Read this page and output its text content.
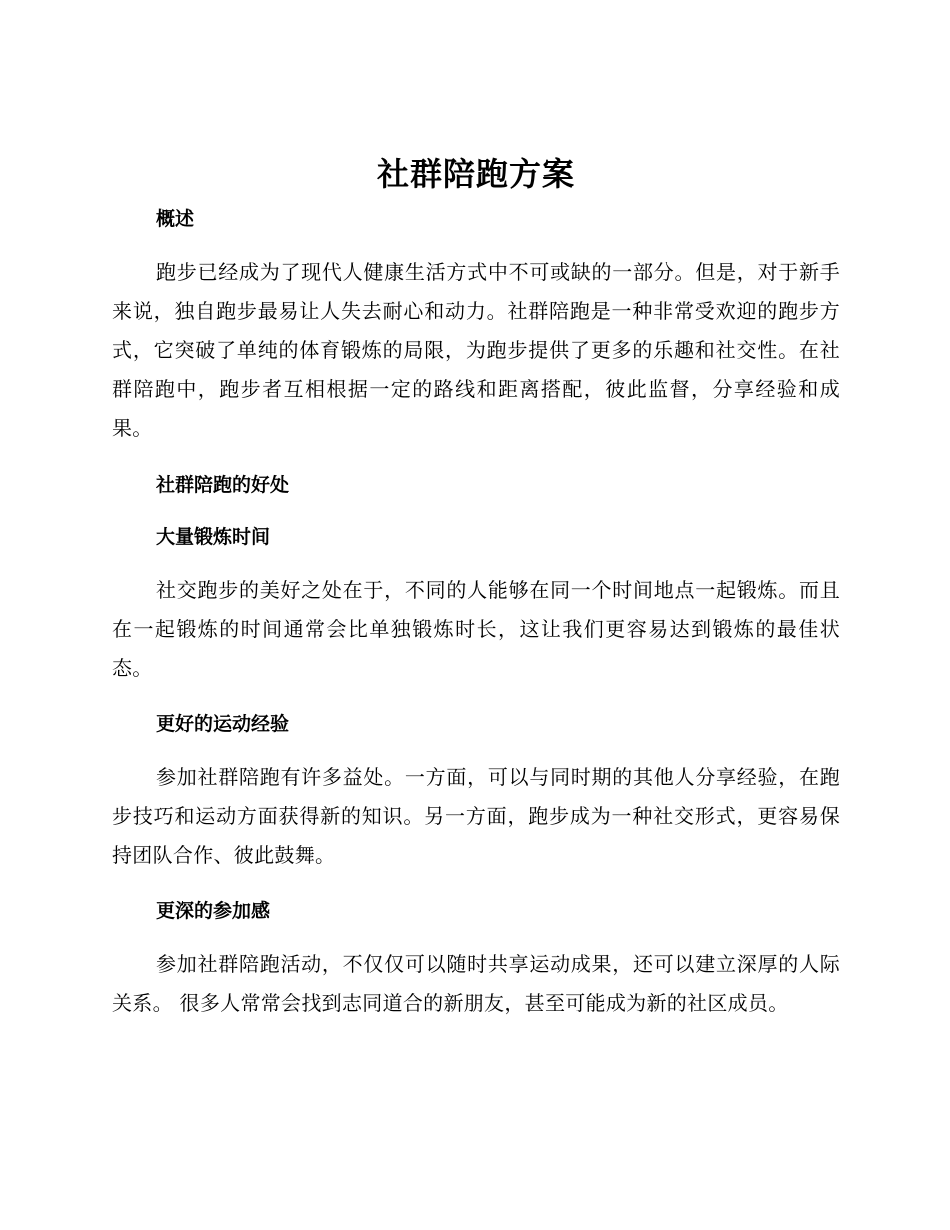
社群陪跑方案
概述

跑步已经成为了现代人健康生活方式中不可或缺的一部分。但是，对于新手来说，独自跑步最易让人失去耐心和动力。社群陪跑是一种非常受欢迎的跑步方式，它突破了单纯的体育锻炼的局限，为跑步提供了更多的乐趣和社交性。在社群陪跑中，跑步者互相根据一定的路线和距离搭配，彼此监督，分享经验和成果。

社群陪跑的好处
大量锻炼时间

社交跑步的美好之处在于，不同的人能够在同一个时间地点一起锻炼。而且在一起锻炼的时间通常会比单独锻炼时长，这让我们更容易达到锻炼的最佳状态。

更好的运动经验

参加社群陪跑有许多益处。一方面，可以与同时期的其他人分享经验，在跑步技巧和运动方面获得新的知识。另一方面，跑步成为一种社交形式，更容易保持团队合作、彼此鼓舞。

更深的参加感

参加社群陪跑活动，不仅仅可以随时共享运动成果，还可以建立深厚的人际关系。 很多人常常会找到志同道合的新朋友，甚至可能成为新的社区成员。
